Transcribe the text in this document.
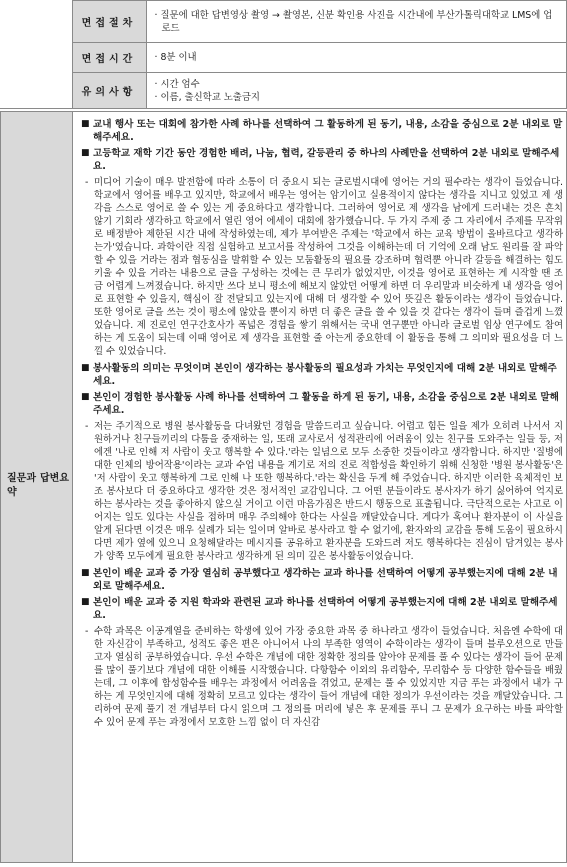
	면접절차	· 질문에 대한 답변영상 촬영 → 촬영본, 신분 확인용 사진을 시간내에 부산가톨릭대학교 LMS에 업로드

	면접시간	· 8분 이내

	유의사항	· 시간 엄수
· 이름, 출신학교 노출금지
질문과 답변요약
■ 교내 행사 또는 대회에 참가한 사례 하나를 선택하여 그 활동하게 된 동기, 내용, 소감을 중심으로 2분 내외로 말해주세요.
■ 고등학교 재학 기간 동안 경험한 배려, 나눔, 협력, 갈등관리 중 하나의 사례만을 선택하여 2분 내외로 말해주세요.
- 미디어 기술이 매우 발전함에 따라 소통이 더 중요시 되는 글로벌시대에 영어는 거의 필수라는 생각이 들었습니다. 학교에서 영어를 배우고 있지만, 학교에서 배우는 영어는 암기이고 실용적이지 않다는 생각을 지니고 있었고 제 생각을 스스로 영어로 쓸 수 있는 게 중요하다고 생각합니다. 그러하여 영어로 제 생각을 남에게 드러내는 것은 흔치 않기 기회라 생각하고 학교에서 열린 영어 에세이 대회에 참가했습니다. 두 가지 주제 중 그 자리에서 주제를 무작위로 배정받아 제한된 시간 내에 작성하였는데, 제가 부여받은 주제는 '학교에서 하는 교육 방법이 올바르다고 생각하는가'였습니다. 과학이란 직접 실험하고 보고서를 작성하여 그것을 이해하는데 더 기억에 오래 남도 원리를 잘 파악할 수 있을 거라는 점과 협동심을 발휘할 수 있는 모둠활동의 필요를 강조하며 협력뿐 아니라 갈등을 해결하는 힘도 키울 수 있을 거라는 내용으로 글을 구성하는 것에는 큰 무리가 없었지만, 이것을 영어로 표현하는 게 시작할 땐 조금 어렵게 느껴졌습니다. 하지만 쓰다 보니 평소에 해보지 않았던 어떻게 하면 더 우리말과 비슷하게 내 생각을 영어로 표현할 수 있을지, 핵심이 잘 전달되고 있는지에 대해 더 생각할 수 있어 뜻깊은 활동이라는 생각이 들었습니다. 또한 영어로 글을 쓰는 것이 평소에 않았을 뿐이지 하면 더 좋은 글을 쓸 수 있을 것 같다는 생각이 들며 즐겁게 느꼈었습니다. 제 진로인 연구간호사가 폭넓은 경험을 쌓기 위해서는 국내 연구뿐만 아니라 글로벌 임상 연구에도 참여하는 게 도움이 되는데 이때 영어로 제 생각을 표현할 줄 아는게 중요한데 이 활동을 통해 그 의미와 필요성을 더 느낄 수 있었습니다.
■ 봉사활동의 의미는 무엇이며 본인이 생각하는 봉사활동의 필요성과 가치는 무엇인지에 대해 2분 내외로 말해주세요.
■ 본인이 경험한 봉사활동 사례 하나를 선택하여 그 활동을 하게 된 동기, 내용, 소감을 중심으로 2분 내외로 말해주세요.
- 저는 주기적으로 병원 봉사활동을 다녀왔던 경험을 말씀드리고 싶습니다. 어렵고 힘든 일을 제가 오히려 나서서 지원하거나 친구들끼리의 다툼을 중재하는 일, 또래 교사로서 성적관리에 어려움이 있는 친구를 도와주는 일들 등, 저에겐 '나로 인해 저 사람이 웃고 행복할 수 있다.'라는 일념으로 모두 소중한 것들이라고 생각합니다. 하지만 '질병에 대한 인체의 방어작용'이라는 교과 수업 내용을 계기로 저의 진로 적합성을 확인하기 위해 신청한 '병원 봉사활동'은 '저 사람이 웃고 행복하게 그로 인해 나 또한 행복하다.'라는 확신을 두게 해 주었습니다. 하지만 이러한 육체적인 보조 봉사보다 더 중요하다고 생각한 것은 정서적인 교감입니다. 그 어떤 분들이라도 봉사자가 하기 싫어하여 억지로 하는 봉사라는 것을 좋아하지 않으실 거이고 이런 마음가짐은 반드시 행동으로 표출됩니다. 극단적으로는 사고로 이어지는 일도 있다는 사실을 접하며 매우 주의해야 한다는 사실을 깨달았습니다. 게다가 혹여나 환자분이 이 사실을 알게 된다면 이것은 매우 실례가 되는 일이며 알바로 봉사라고 할 수 없기에, 환자와의 교감을 통해 도움이 필요하시다면 제가 옆에 있으니 요청해달라는 메시지를 공유하고 환자분을 도와드려 저도 행복하다는 진심이 담겨있는 봉사가 양쪽 모두에게 필요한 봉사라고 생각하게 된 의미 깊은 봉사활동이었습니다.
■ 본인이 배운 교과 중 가장 열심히 공부했다고 생각하는 교과 하나를 선택하여 어떻게 공부했는지에 대해 2분 내외로 말해주세요.
■ 본인이 배운 교과 중 지원 학과와 관련된 교과 하나를 선택하여 어떻게 공부했는지에 대해 2분 내외로 말해주세요.
- 수학 과목은 이공계열을 준비하는 학생에 있어 가장 중요한 과목 중 하나라고 생각이 들었습니다. 처음엔 수학에 대한 자신감이 부족하고, 성적도 좋은 편은 아니어서 나의 부족한 영역이 수학이라는 생각이 들며 블루오션으로 만들고자 열심히 공부하였습니다. 우선 수학은 개념에 대한 정확한 정의를 알아야 문제를 풀 수 있다는 생각이 들어 문제를 많이 풀기보다 개념에 대한 이해를 시작했습니다. 다항함수 이외의 유리함수, 무리함수 등 다양한 함수들을 배웠는데, 그 이후에 합성함수를 배우는 과정에서 어려움을 겪었고, 문제는 풀 수 있었지만 지금 푸는 과정에서 내가 구하는 게 무엇인지에 대해 정확히 모르고 있다는 생각이 들어 개념에 대한 정의가 우선이라는 것을 깨달았습니다. 그리하여 문제 풀기 전 개념부터 다시 읽으며 그 정의를 머리에 넣은 후 문제를 푸니 그 문제가 요구하는 바를 파악할 수 있어 문제 푸는 과정에서 모호한 느낌 없이 더 자신감
